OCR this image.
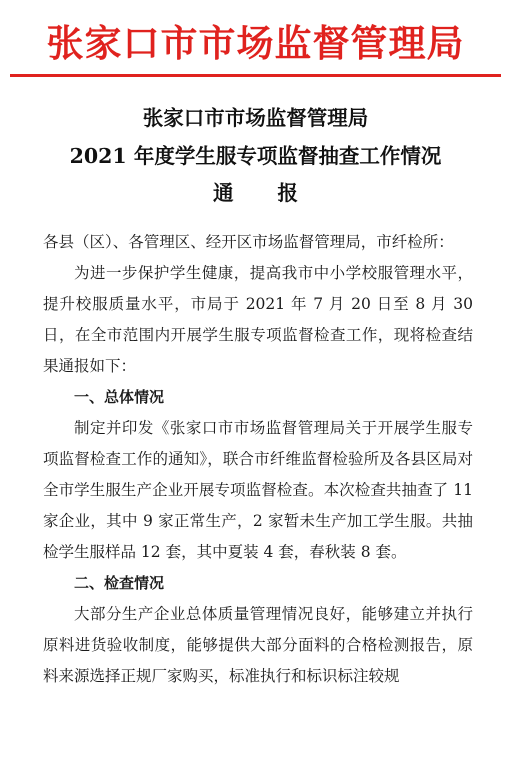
张家口市市场监督管理局
张家口市市场监督管理局
2021 年度学生服专项监督抽查工作情况
通报

各县（区）、各管理区、经开区市场监督管理局，市纤检所：

为进一步保护学生健康，提高我市中小学校服管理水平，提升校服质量水平，市局于 2021 年 7 月 20 日至 8 月 30 日，在全市范围内开展学生服专项监督检查工作，现将检查结果通报如下：

一、总体情况

制定并印发《张家口市市场监督管理局关于开展学生服专项监督检查工作的通知》，联合市纤维监督检验所及各县区局对全市学生服生产企业开展专项监督检查。本次检查共抽查了 11 家企业，其中 9 家正常生产，2 家暂未生产加工学生服。共抽检学生服样品 12 套，其中夏装 4 套，春秋装 8 套。

二、检查情况

大部分生产企业总体质量管理情况良好，能够建立并执行原料进货验收制度，能够提供大部分面料的合格检测报告，原料来源选择正规厂家购买，标准执行和标识标注较规
